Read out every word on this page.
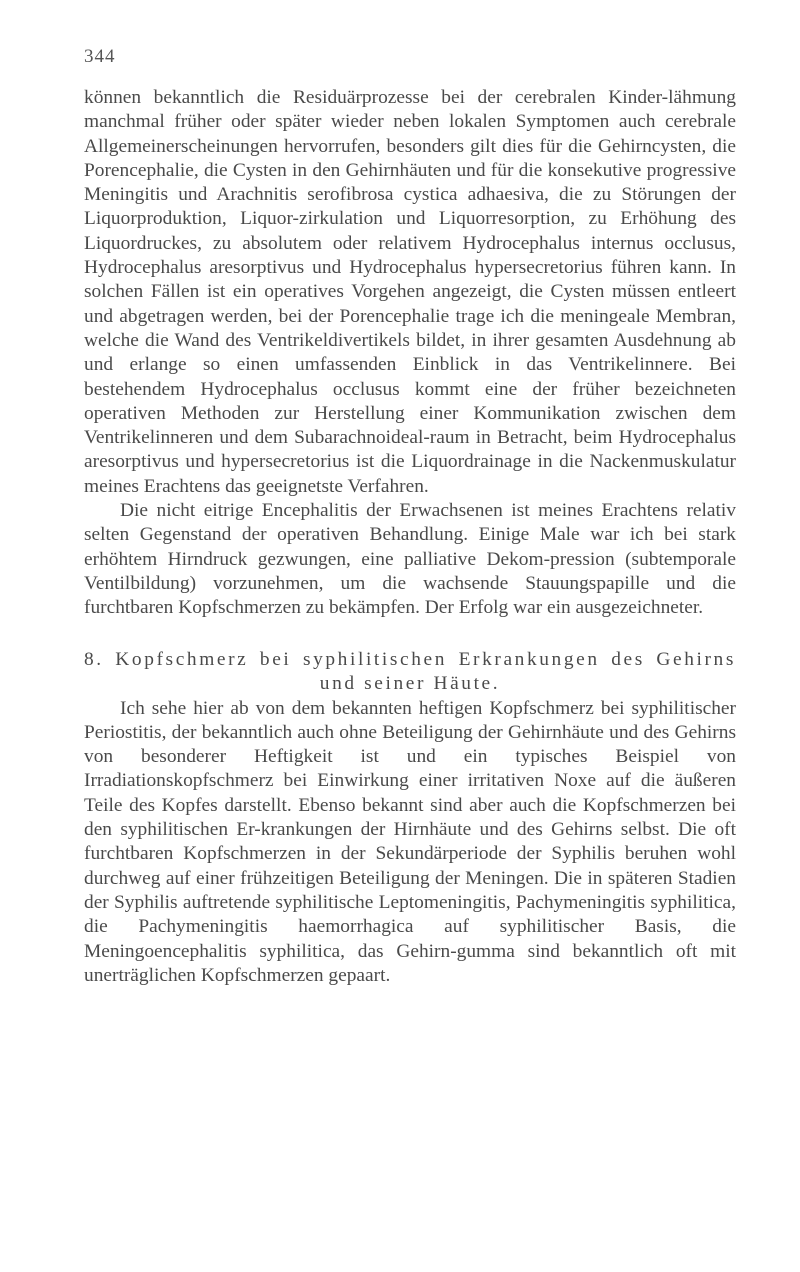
344

können bekanntlich die Residuärprozesse bei der cerebralen Kinder-lähmung manchmal früher oder später wieder neben lokalen Symptomen auch cerebrale Allgemeinerscheinungen hervorrufen, besonders gilt dies für die Gehirncysten, die Porencephalie, die Cysten in den Gehirnhäuten und für die konsekutive progressive Meningitis und Arachnitis serofibrosa cystica adhaesiva, die zu Störungen der Liquorproduktion, Liquor-zirkulation und Liquorresorption, zu Erhöhung des Liquordruckes, zu absolutem oder relativem Hydrocephalus internus occlusus, Hydrocephalus aresorptivus und Hydrocephalus hypersecretorius führen kann. In solchen Fällen ist ein operatives Vorgehen angezeigt, die Cysten müssen entleert und abgetragen werden, bei der Porencephalie trage ich die meningeale Membran, welche die Wand des Ventrikeldivertikels bildet, in ihrer gesamten Ausdehnung ab und erlange so einen umfassenden Einblick in das Ventrikelinnere. Bei bestehendem Hydrocephalus occlusus kommt eine der früher bezeichneten operativen Methoden zur Herstellung einer Kommunikation zwischen dem Ventrikelinneren und dem Subarachnoideal-raum in Betracht, beim Hydrocephalus aresorptivus und hypersecretorius ist die Liquordrainage in die Nackenmuskulatur meines Erachtens das geeignetste Verfahren.

Die nicht eitrige Encephalitis der Erwachsenen ist meines Erachtens relativ selten Gegenstand der operativen Behandlung. Einige Male war ich bei stark erhöhtem Hirndruck gezwungen, eine palliative Dekom-pression (subtemporale Ventilbildung) vorzunehmen, um die wachsende Stauungspapille und die furchtbaren Kopfschmerzen zu bekämpfen. Der Erfolg war ein ausgezeichneter.

8. Kopfschmerz bei syphilitischen Erkrankungen des Gehirns
und seiner Häute.

Ich sehe hier ab von dem bekannten heftigen Kopfschmerz bei syphilitischer Periostitis, der bekanntlich auch ohne Beteiligung der Gehirnhäute und des Gehirns von besonderer Heftigkeit ist und ein typisches Beispiel von Irradiationskopfschmerz bei Einwirkung einer irritativen Noxe auf die äußeren Teile des Kopfes darstellt. Ebenso bekannt sind aber auch die Kopfschmerzen bei den syphilitischen Er-krankungen der Hirnhäute und des Gehirns selbst. Die oft furchtbaren Kopfschmerzen in der Sekundärperiode der Syphilis beruhen wohl durchweg auf einer frühzeitigen Beteiligung der Meningen. Die in späteren Stadien der Syphilis auftretende syphilitische Leptomeningitis, Pachymeningitis syphilitica, die Pachymeningitis haemorrhagica auf syphilitischer Basis, die Meningoencephalitis syphilitica, das Gehirn-gumma sind bekanntlich oft mit unerträglichen Kopfschmerzen gepaart.
